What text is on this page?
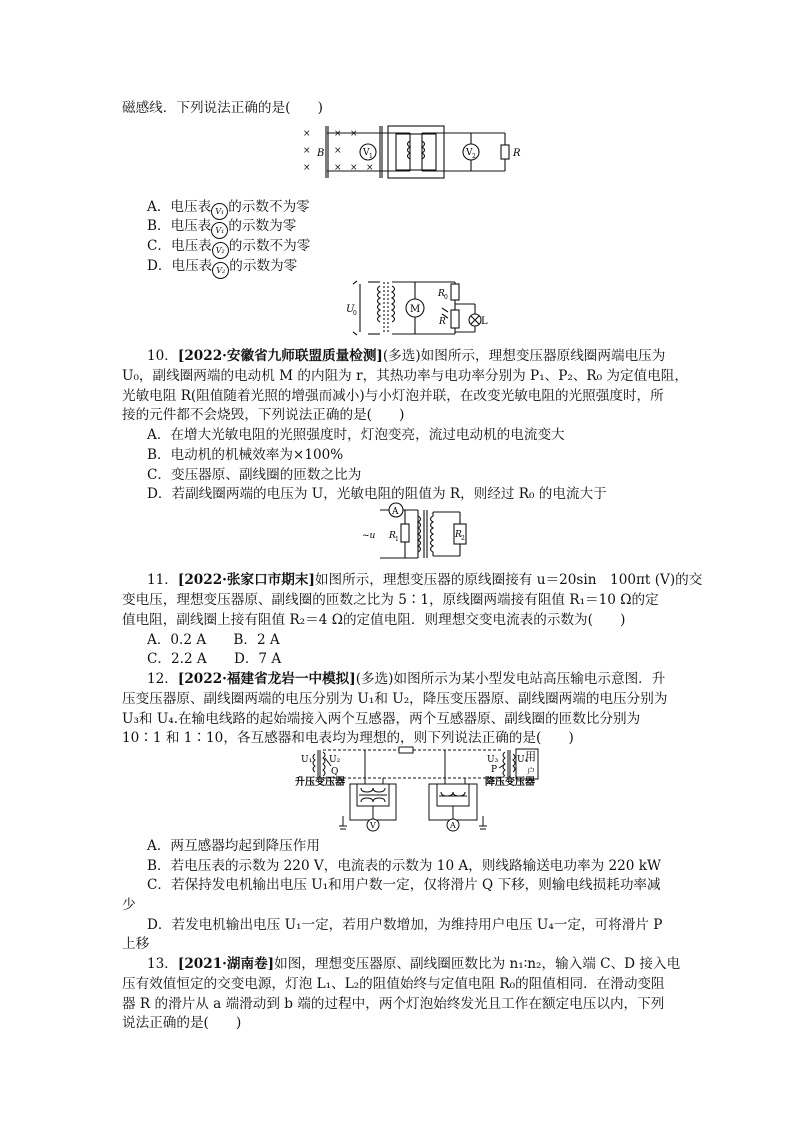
磁感线．下列说法正确的是(　　)
×
×
×
× ×
×
× × ×
B	V 1	V 2	R
A．电压表 V₁ 的示数不为零
B．电压表 V₁ 的示数为零
C．电压表 V₂ 的示数不为零
D．电压表 V₂ 的示数为零
U
0	M
R 0
R	L
10．[2022·安徽省九师联盟质量检测](多选)如图所示，理想变压器原线圈两端电压为
U₀，副线圈两端的电动机 M 的内阻为 r，其热功率与电功率分别为 P₁、P₂、R₀ 为定值电阻，
光敏电阻 R(阻值随着光照的增强而减小)与小灯泡并联，在改变光敏电阻的光照强度时，所
接的元件都不会烧毁，下列说法正确的是(　　)
A．在增大光敏电阻的光照强度时，灯泡变亮，流过电动机的电流变大
B．电动机的机械效率为×100%
C．变压器原、副线圈的匝数之比为
D．若副线圈两端的电压为 U，光敏电阻的阻值为 R，则经过 R₀ 的电流大于
A
~u R 1	R 2
11．[2022·张家口市期末]如图所示，理想变压器的原线圈接有 u＝20sin　100πt (V)的交
变电压，理想变压器原、副线圈的匝数之比为 5∶1，原线圈两端接有阻值 R₁＝10 Ω的定
值电阻，副线圈上接有阻值 R₂＝4 Ω的定值电阻．则理想交变电流表的示数为(　　)
A．0.2 A　　B．2 A
C．2.2 A　　D．7 A
12．[2022·福建省龙岩一中模拟](多选)如图所示为某小型发电站高压输电示意图．升
压变压器原、副线圈两端的电压分别为 U₁和 U₂，降压变压器原、副线圈两端的电压分别为
U₃和 U₄.在输电线路的起始端接入两个互感器，两个互感器原、副线圈的匝数比分别为
10∶1 和 1∶10，各互感器和电表均为理想的，则下列说法正确的是(　　)
U₁ U₂
Q
U₃ U₄
P
用
户
升压变压器	降压变压器
V	A
A．两互感器均起到降压作用
B．若电压表的示数为 220 V，电流表的示数为 10 A，则线路输送电功率为 220 kW
C．若保持发电机输出电压 U₁和用户数一定，仅将滑片 Q 下移，则输电线损耗功率减
少
D．若发电机输出电压 U₁一定，若用户数增加，为维持用户电压 U₄一定，可将滑片 P
上移
13．[2021·湖南卷]如图，理想变压器原、副线圈匝数比为 n₁∶n₂，输入端 C、D 接入电
压有效值恒定的交变电源，灯泡 L₁、L₂的阻值始终与定值电阻 R₀的阻值相同．在滑动变阻
器 R 的滑片从 a 端滑动到 b 端的过程中，两个灯泡始终发光且工作在额定电压以内，下列
说法正确的是(　　)
